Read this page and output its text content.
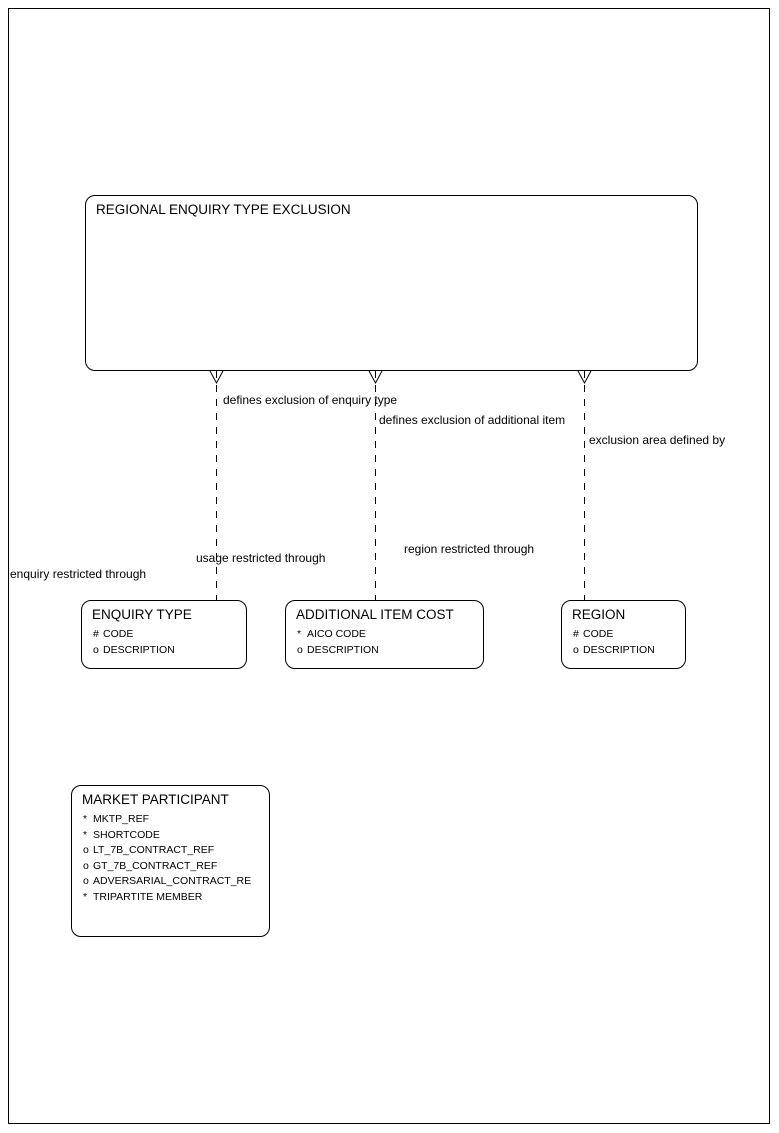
REGIONAL ENQUIRY TYPE EXCLUSION
defines exclusion of enquiry type
defines exclusion of additional item
exclusion area defined by
enquiry restricted through
usage restricted through
region restricted through
ENQUIRY TYPE
# CODE
o DESCRIPTION
ADDITIONAL ITEM COST
* AICO CODE
o DESCRIPTION
REGION
# CODE
o DESCRIPTION
MARKET PARTICIPANT
* MKTP_REF
* SHORTCODE
o LT_7B_CONTRACT_REF
o GT_7B_CONTRACT_REF
o ADVERSARIAL_CONTRACT_RE
* TRIPARTITE MEMBER
